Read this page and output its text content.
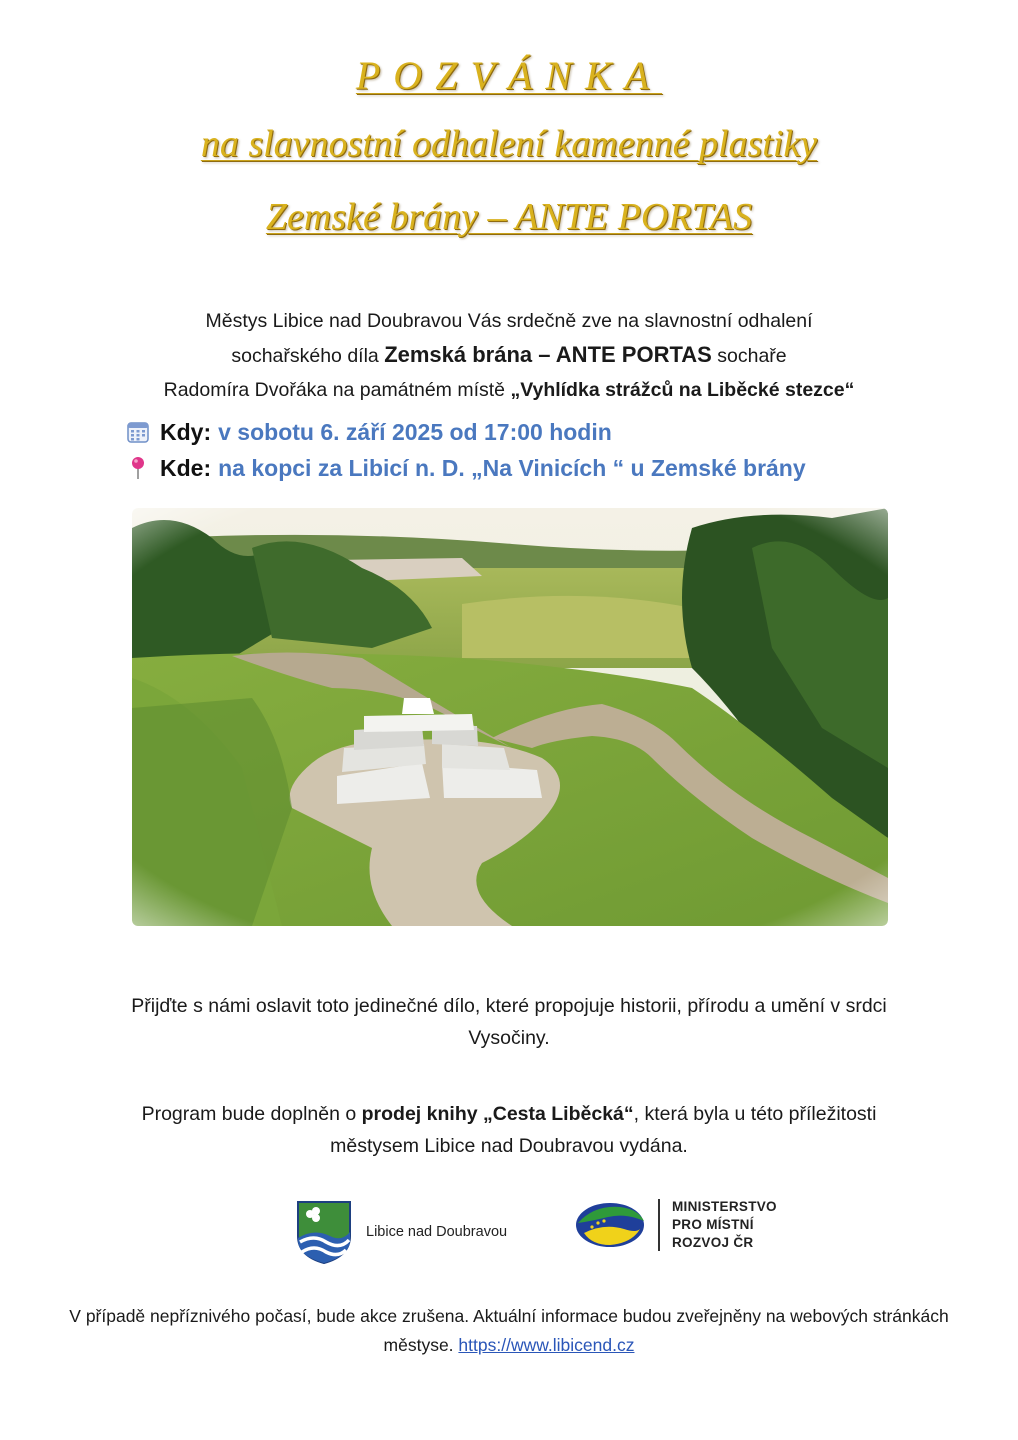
POZVÁNKA
na slavnostní odhalení kamenné plastiky
Zemské brány – ANTE PORTAS
Městys Libice nad Doubravou Vás srdečně zve na slavnostní odhalení
sochařského díla Zemská brána – ANTE PORTAS sochaře
Radomíra Dvořáka na památném místě „Vyhlídka strážců na Liběcké stezce“
Kdy: v sobotu 6. září 2025 od 17:00 hodin
Kde: na kopci za Libicí n. D. „Na Vinicích “ u Zemské brány
Přijďte s námi oslavit toto jedinečné dílo, které propojuje historii, přírodu a umění v srdci Vysočiny.
Program bude doplněn o prodej knihy „Cesta Liběcká“, která byla u této příležitosti městysem Libice nad Doubravou vydána.
Libice nad Doubravou
MINISTERSTVO
PRO MÍSTNÍ
ROZVOJ ČR
V případě nepříznivého počasí, bude akce zrušena. Aktuální informace budou zveřejněny na webových stránkách městyse. https://www.libicend.cz
